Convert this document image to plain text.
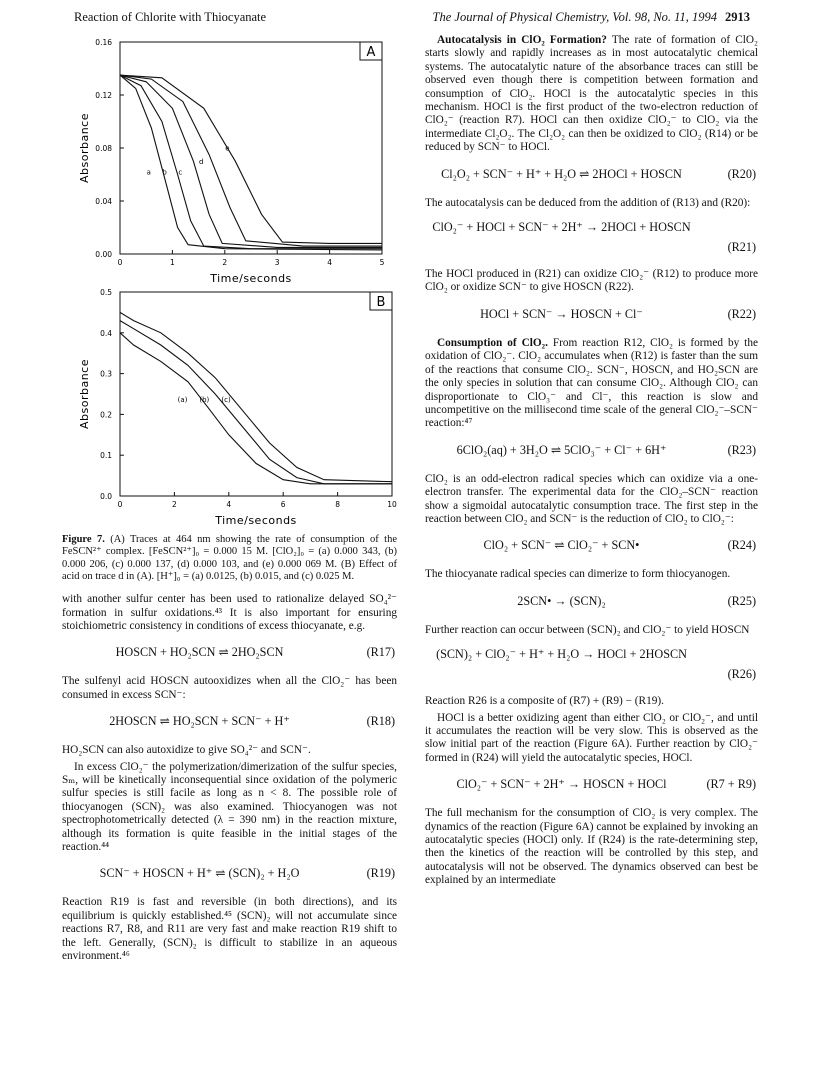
Reaction of Chlorite with Thiocyanate	The Journal of Physical Chemistry, Vol. 98, No. 11, 1994 2913
0	1	2	3	4	5
0.00
0.04
0.08
0.12
0.16
Time/seconds
Absorbance
A
a b c
d
e
0	2	4	6	8	10
0.0
0.1
0.2
0.3
0.4
0.5
Time/seconds
Absorbance
B
(a) (b) (c)

Figure 7. (A) Traces at 464 nm showing the rate of consumption of the FeSCN²⁺ complex. [FeSCN²⁺]₀ = 0.000 15 M. [ClO₂]₀ = (a) 0.000 343, (b) 0.000 206, (c) 0.000 137, (d) 0.000 103, and (e) 0.000 069 M. (B) Effect of acid on trace d in (A). [H⁺]₀ = (a) 0.0125, (b) 0.015, and (c) 0.025 M.

with another sulfur center has been used to rationalize delayed SO₄²⁻ formation in sulfur oxidations.⁴³ It is also important for ensuring stoichiometric consistency in conditions of excess thiocyanate, e.g.

HOSCN + HO₂SCN ⇌ 2HO₂SCN	(R17)

The sulfenyl acid HOSCN autooxidizes when all the ClO₂⁻ has been consumed in excess SCN⁻:

2HOSCN ⇌ HO₂SCN + SCN⁻ + H⁺	(R18)

HO₂SCN can also autoxidize to give SO₄²⁻ and SCN⁻.

In excess ClO₂⁻ the polymerization/dimerization of the sulfur species, Sₘ, will be kinetically inconsequential since oxidation of the polymeric sulfur species is still facile as long as n < 8. The possible role of thiocyanogen (SCN)₂ was also examined. Thiocyanogen was not spectrophotometrically detected (λ = 390 nm) in the reaction mixture, although its formation is quite feasible in the initial stages of the reaction.⁴⁴

SCN⁻ + HOSCN + H⁺ ⇌ (SCN)₂ + H₂O	(R19)

Reaction R19 is fast and reversible (in both directions), and its equilibrium is quickly established.⁴⁵ (SCN)₂ will not accumulate since reactions R7, R8, and R11 are very fast and make reaction R19 shift to the left. Generally, (SCN)₂ is difficult to stabilize in an aqueous environment.⁴⁶

Autocatalysis in ClO₂ Formation? The rate of formation of ClO₂ starts slowly and rapidly increases as in most autocatalytic chemical systems. The autocatalytic nature of the absorbance traces can still be observed even though there is competition between formation and consumption of ClO₂. HOCl is the autocatalytic species in this mechanism. HOCl is the first product of the two-electron reduction of ClO₂⁻ (reaction R7). HOCl can then oxidize ClO₂⁻ to ClO₂ via the intermediate Cl₂O₂. The Cl₂O₂ can then be oxidized to ClO₂ (R14) or be reduced by SCN⁻ to HOCl.

Cl₂O₂ + SCN⁻ + H⁺ + H₂O ⇌ 2HOCl + HOSCN	(R20)

The autocatalysis can be deduced from the addition of (R13) and (R20):

ClO₂⁻ + HOCl + SCN⁻ + 2H⁺ → 2HOCl + HOSCN
(R21)

The HOCl produced in (R21) can oxidize ClO₂⁻ (R12) to produce more ClO₂ or oxidize SCN⁻ to give HOSCN (R22).

HOCl + SCN⁻ → HOSCN + Cl⁻	(R22)

Consumption of ClO₂. From reaction R12, ClO₂ is formed by the oxidation of ClO₂⁻. ClO₂ accumulates when (R12) is faster than the sum of the reactions that consume ClO₂. SCN⁻, HOSCN, and HO₂SCN are the only species in solution that can consume ClO₂. Although ClO₂ can disproportionate to ClO₃⁻ and Cl⁻, this reaction is slow and uncompetitive on the millisecond time scale of the general ClO₂⁻–SCN⁻ reaction:⁴⁷

6ClO₂(aq) + 3H₂O ⇌ 5ClO₃⁻ + Cl⁻ + 6H⁺	(R23)

ClO₂ is an odd-electron radical species which can oxidize via a one-electron transfer. The experimental data for the ClO₂–SCN⁻ reaction show a sigmoidal autocatalytic consumption trace. The first step in the reaction between ClO₂ and SCN⁻ is the reduction of ClO₂ to ClO₂⁻:

ClO₂ + SCN⁻ ⇌ ClO₂⁻ + SCN•	(R24)

The thiocyanate radical species can dimerize to form thiocyanogen.

2SCN• → (SCN)₂	(R25)

Further reaction can occur between (SCN)₂ and ClO₂⁻ to yield HOSCN

(SCN)₂ + ClO₂⁻ + H⁺ + H₂O → HOCl + 2HOSCN
(R26)

Reaction R26 is a composite of (R7) + (R9) − (R19).

HOCl is a better oxidizing agent than either ClO₂ or ClO₂⁻, and until it accumulates the reaction will be very slow. This is observed as the slow initial part of the reaction (Figure 6A). Further reaction by ClO₂⁻ formed in (R24) will yield the autocatalytic species, HOCl.

ClO₂⁻ + SCN⁻ + 2H⁺ → HOSCN + HOCl	(R7 + R9)

The full mechanism for the consumption of ClO₂ is very complex. The dynamics of the reaction (Figure 6A) cannot be explained by invoking an autocatalytic species (HOCl) only. If (R24) is the rate-determining step, then the kinetics of the reaction will be controlled by this step, and autocatalysis will not be observed. The dynamics observed can best be explained by an intermediate
